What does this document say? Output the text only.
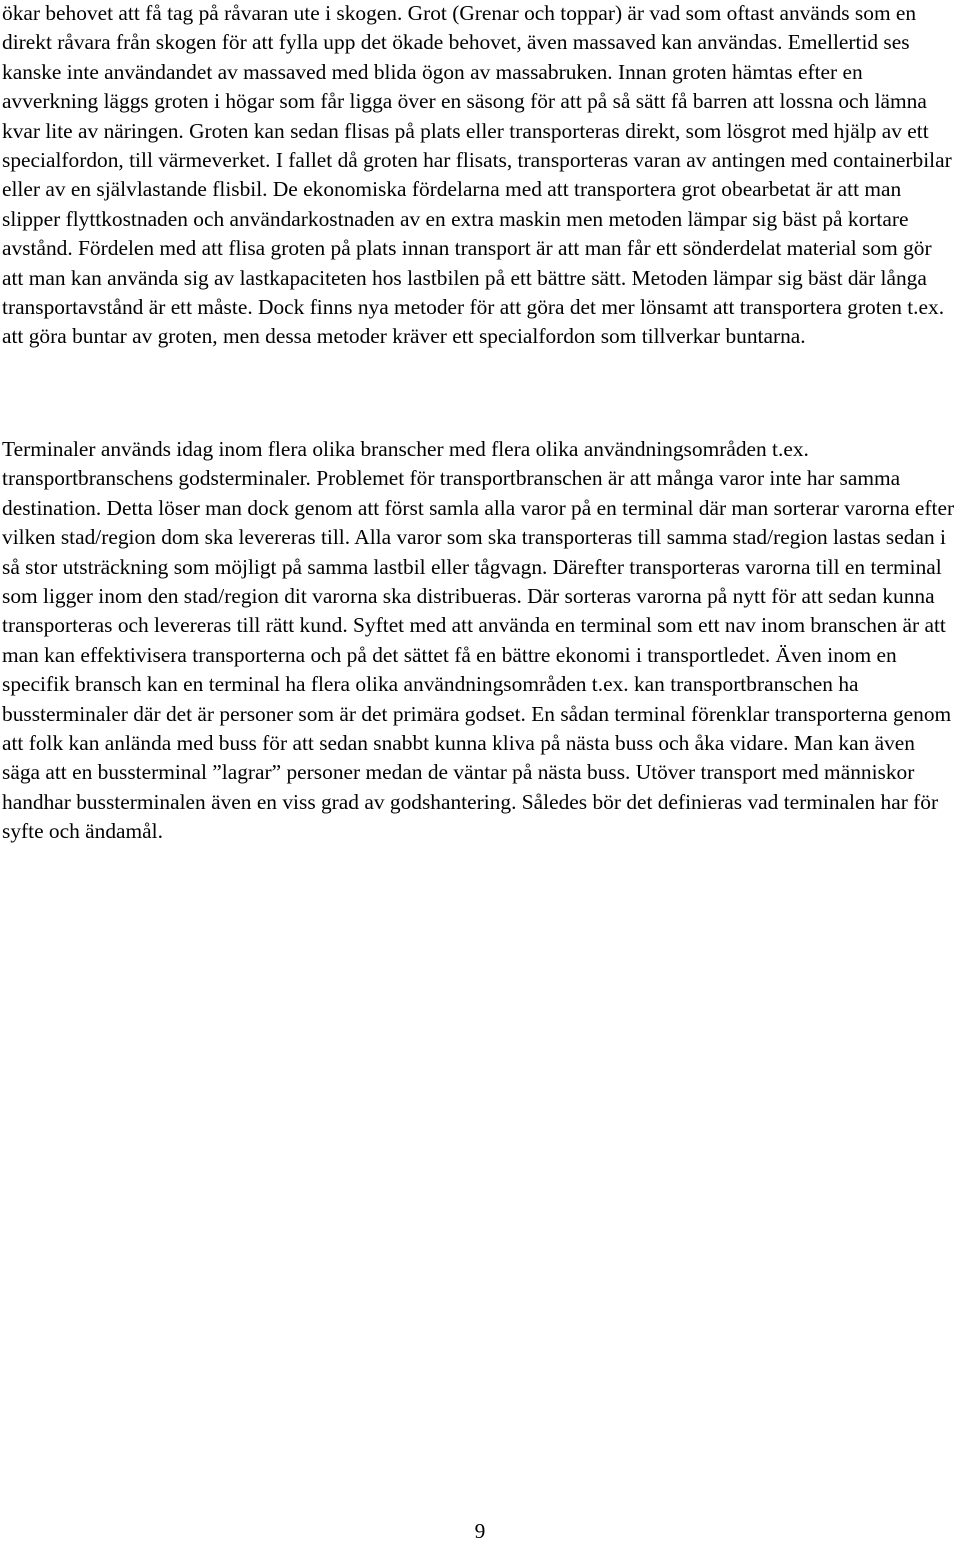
ökar behovet att få tag på råvaran ute i skogen. Grot (Grenar och toppar) är vad som oftast används som en direkt råvara från skogen för att fylla upp det ökade behovet, även massaved kan användas. Emellertid ses kanske inte användandet av massaved med blida ögon av massabruken. Innan groten hämtas efter en avverkning läggs groten i högar som får ligga över en säsong för att på så sätt få barren att lossna och lämna kvar lite av näringen. Groten kan sedan flisas på plats eller transporteras direkt, som lösgrot med hjälp av ett specialfordon, till värmeverket. I fallet då groten har flisats, transporteras varan av antingen med containerbilar eller av en självlastande flisbil. De ekonomiska fördelarna med att transportera grot obearbetat är att man slipper flyttkostnaden och användarkostnaden av en extra maskin men metoden lämpar sig bäst på kortare avstånd. Fördelen med att flisa groten på plats innan transport är att man får ett sönderdelat material som gör att man kan använda sig av lastkapaciteten hos lastbilen på ett bättre sätt. Metoden lämpar sig bäst där långa transportavstånd är ett måste. Dock finns nya metoder för att göra det mer lönsamt att transportera groten t.ex. att göra buntar av groten, men dessa metoder kräver ett specialfordon som tillverkar buntarna.

Terminaler används idag inom flera olika branscher med flera olika användningsområden t.ex. transportbranschens godsterminaler. Problemet för transportbranschen är att många varor inte har samma destination. Detta löser man dock genom att först samla alla varor på en terminal där man sorterar varorna efter vilken stad/region dom ska levereras till. Alla varor som ska transporteras till samma stad/region lastas sedan i så stor utsträckning som möjligt på samma lastbil eller tågvagn. Därefter transporteras varorna till en terminal som ligger inom den stad/region dit varorna ska distribueras. Där sorteras varorna på nytt för att sedan kunna transporteras och levereras till rätt kund. Syftet med att använda en terminal som ett nav inom branschen är att man kan effektivisera transporterna och på det sättet få en bättre ekonomi i transportledet. Även inom en specifik bransch kan en terminal ha flera olika användningsområden t.ex. kan transportbranschen ha bussterminaler där det är personer som är det primära godset. En sådan terminal förenklar transporterna genom att folk kan anlända med buss för att sedan snabbt kunna kliva på nästa buss och åka vidare. Man kan även säga att en bussterminal ”lagrar” personer medan de väntar på nästa buss. Utöver transport med människor handhar bussterminalen även en viss grad av godshantering. Således bör det definieras vad terminalen har för syfte och ändamål.

9
